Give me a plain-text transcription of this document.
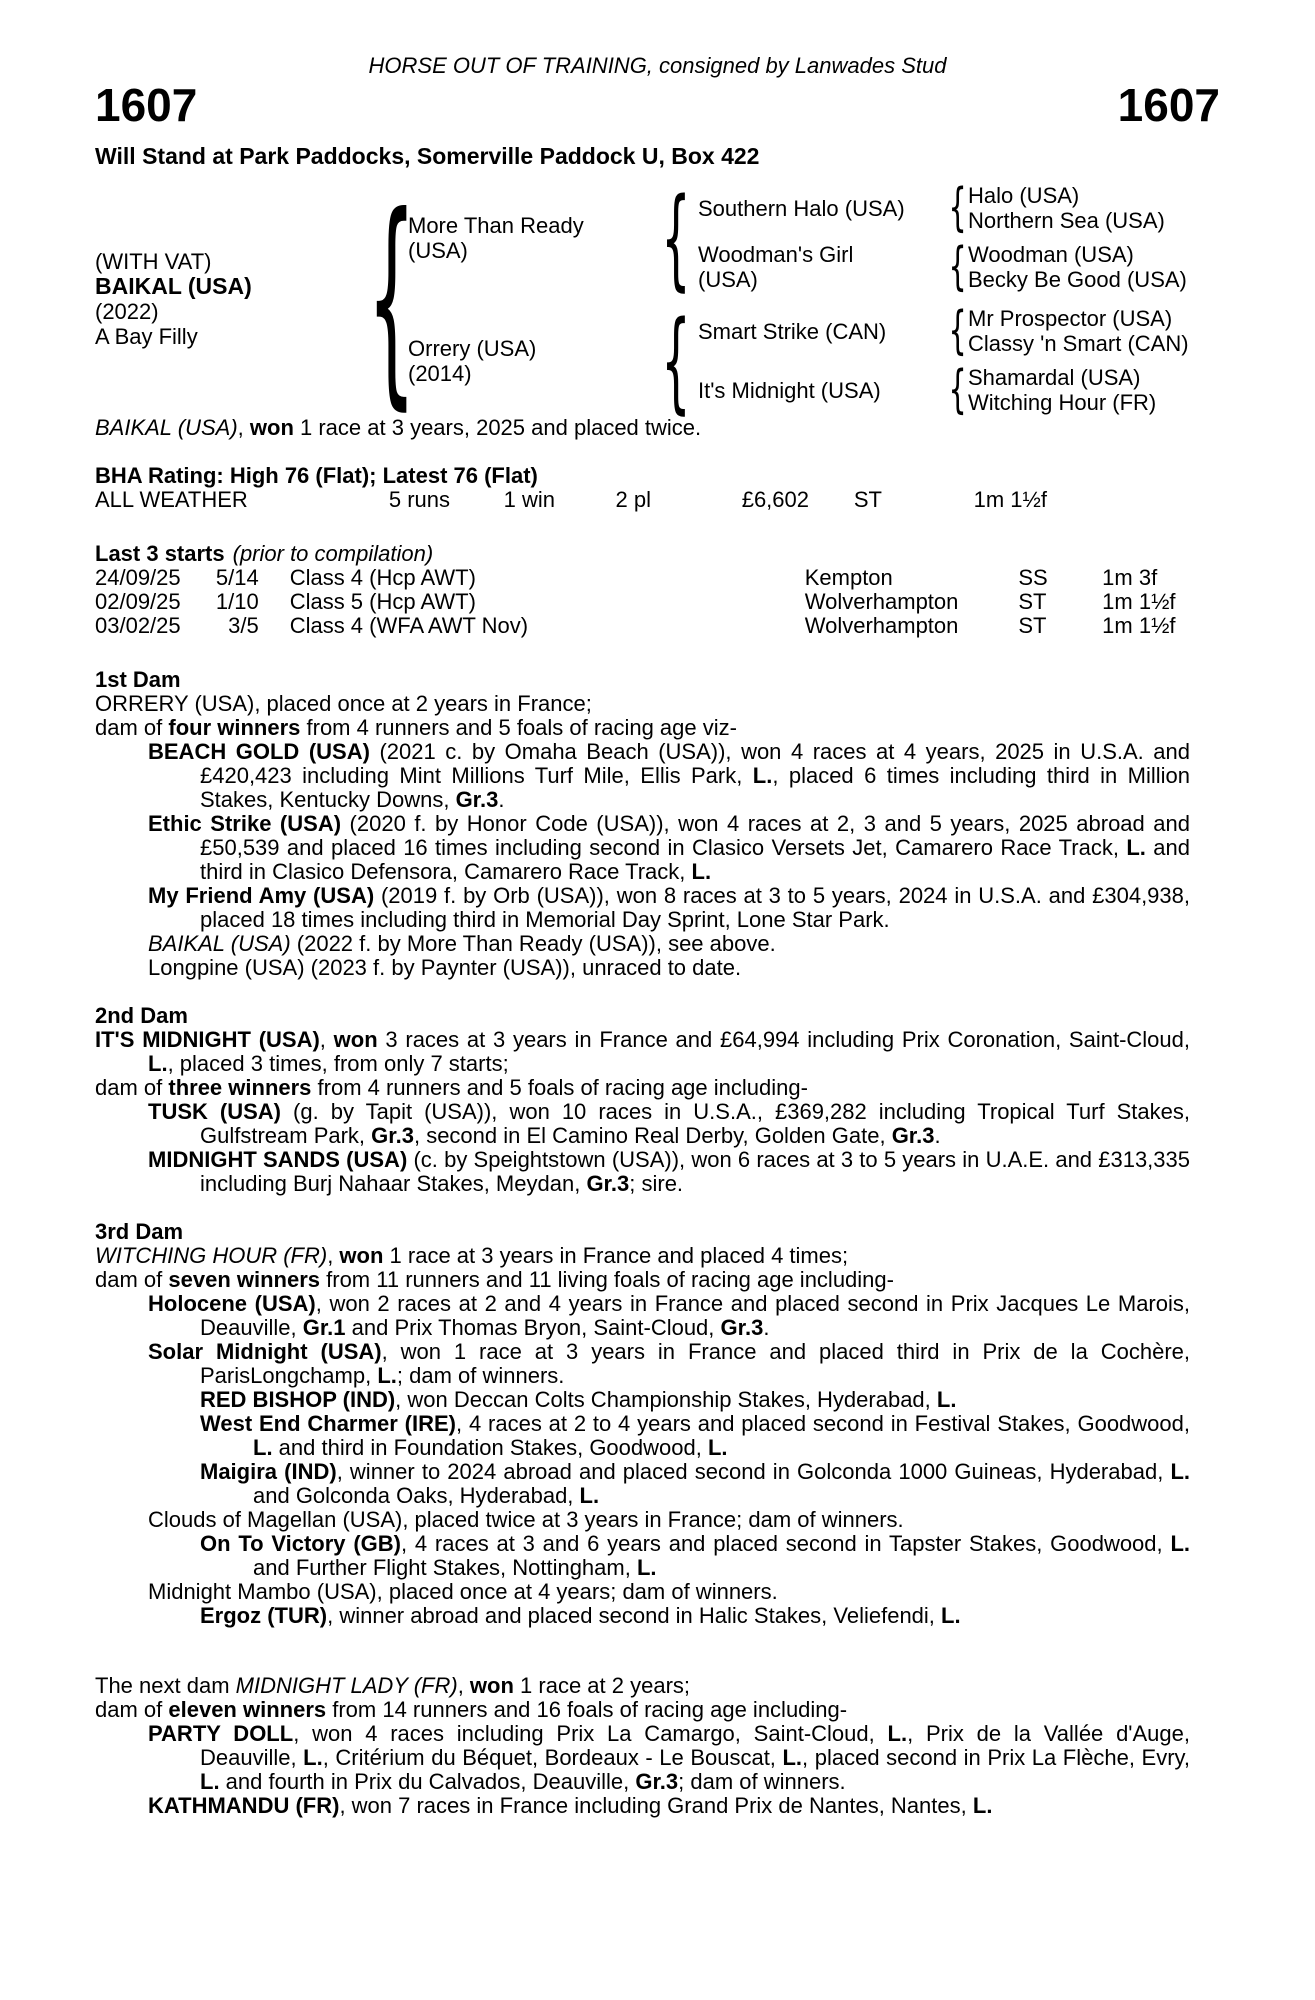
HORSE OUT OF TRAINING, consigned by Lanwades Stud
1607	1607
Will Stand at Park Paddocks, Somerville Paddock U, Box 422
(WITH VAT)
BAIKAL (USA)
(2022)
A Bay Filly {
More Than Ready
(USA)	{ Southern Halo (USA) { Halo (USA)
Northern Sea (USA)
Woodman's Girl
(USA)	{ Woodman (USA)
Becky Be Good (USA)
Orrery (USA)
(2014)	{ Smart Strike (CAN)	{ Mr Prospector (USA)
Classy 'n Smart (CAN)
It's Midnight (USA)	{ Shamardal (USA)
Witching Hour (FR)

BAIKAL (USA), won 1 race at 3 years, 2025 and placed twice.

BHA Rating: High 76 (Flat); Latest 76 (Flat)
ALL WEATHER	5 runs	1 win	2 pl	£6,602	ST	1m 1½f
Last 3 starts (prior to compilation)
24/09/25	5/14	Class 4 (Hcp AWT)	Kempton	SS	1m 3f
02/09/25	1/10	Class 5 (Hcp AWT)	Wolverhampton	ST	1m 1½f
03/02/25	3/5	Class 4 (WFA AWT Nov)	Wolverhampton	ST	1m 1½f
1st Dam

ORRERY (USA), placed once at 2 years in France;

dam of four winners from 4 runners and 5 foals of racing age viz-

BEACH GOLD (USA) (2021 c. by Omaha Beach (USA)), won 4 races at 4 years, 2025 in U.S.A. and £420,423 including Mint Millions Turf Mile, Ellis Park, L., placed 6 times including third in Million Stakes, Kentucky Downs, Gr.3.

Ethic Strike (USA) (2020 f. by Honor Code (USA)), won 4 races at 2, 3 and 5 years, 2025 abroad and £50,539 and placed 16 times including second in Clasico Versets Jet, Camarero Race Track, L. and third in Clasico Defensora, Camarero Race Track, L.

My Friend Amy (USA) (2019 f. by Orb (USA)), won 8 races at 3 to 5 years, 2024 in U.S.A. and £304,938, placed 18 times including third in Memorial Day Sprint, Lone Star Park.

BAIKAL (USA) (2022 f. by More Than Ready (USA)), see above.

Longpine (USA) (2023 f. by Paynter (USA)), unraced to date.

2nd Dam

IT'S MIDNIGHT (USA), won 3 races at 3 years in France and £64,994 including Prix Coronation, Saint-Cloud, L., placed 3 times, from only 7 starts;

dam of three winners from 4 runners and 5 foals of racing age including-

TUSK (USA) (g. by Tapit (USA)), won 10 races in U.S.A., £369,282 including Tropical Turf Stakes, Gulfstream Park, Gr.3, second in El Camino Real Derby, Golden Gate, Gr.3.

MIDNIGHT SANDS (USA) (c. by Speightstown (USA)), won 6 races at 3 to 5 years in U.A.E. and £313,335 including Burj Nahaar Stakes, Meydan, Gr.3; sire.

3rd Dam

WITCHING HOUR (FR), won 1 race at 3 years in France and placed 4 times;

dam of seven winners from 11 runners and 11 living foals of racing age including-

Holocene (USA), won 2 races at 2 and 4 years in France and placed second in Prix Jacques Le Marois, Deauville, Gr.1 and Prix Thomas Bryon, Saint-Cloud, Gr.3.

Solar Midnight (USA), won 1 race at 3 years in France and placed third in Prix de la Cochère, ParisLongchamp, L.; dam of winners.

RED BISHOP (IND), won Deccan Colts Championship Stakes, Hyderabad, L.

West End Charmer (IRE), 4 races at 2 to 4 years and placed second in Festival Stakes, Goodwood, L. and third in Foundation Stakes, Goodwood, L.

Maigira (IND), winner to 2024 abroad and placed second in Golconda 1000 Guineas, Hyderabad, L. and Golconda Oaks, Hyderabad, L.

Clouds of Magellan (USA), placed twice at 3 years in France; dam of winners.

On To Victory (GB), 4 races at 3 and 6 years and placed second in Tapster Stakes, Goodwood, L. and Further Flight Stakes, Nottingham, L.

Midnight Mambo (USA), placed once at 4 years; dam of winners.

Ergoz (TUR), winner abroad and placed second in Halic Stakes, Veliefendi, L.

The next dam MIDNIGHT LADY (FR), won 1 race at 2 years;

dam of eleven winners from 14 runners and 16 foals of racing age including-

PARTY DOLL, won 4 races including Prix La Camargo, Saint-Cloud, L., Prix de la Vallée d'Auge, Deauville, L., Critérium du Béquet, Bordeaux - Le Bouscat, L., placed second in Prix La Flèche, Evry, L. and fourth in Prix du Calvados, Deauville, Gr.3; dam of winners.

KATHMANDU (FR), won 7 races in France including Grand Prix de Nantes, Nantes, L.
